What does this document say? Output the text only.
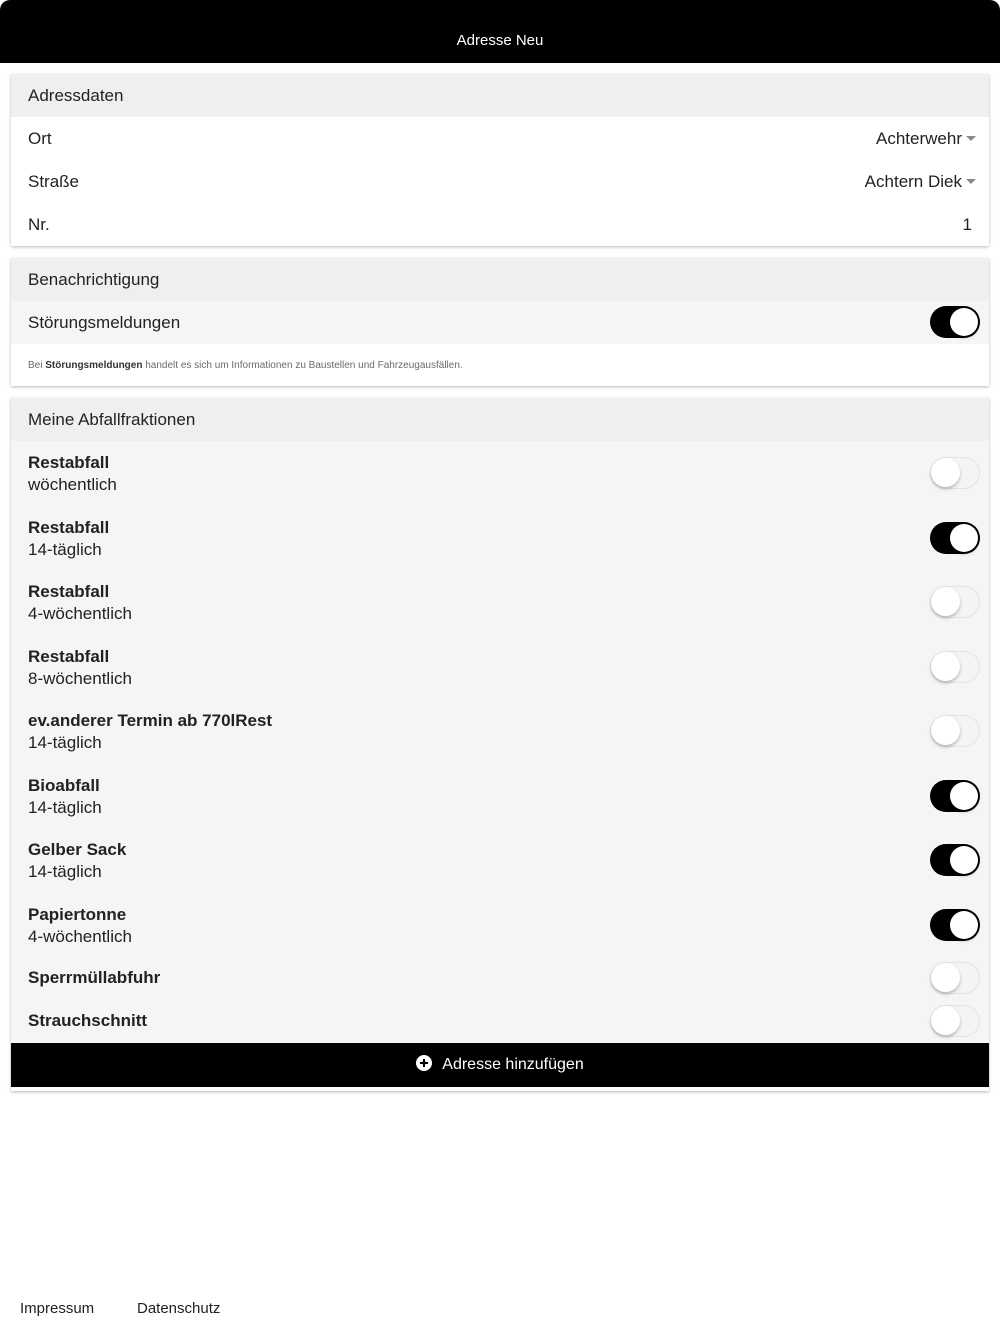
Adresse Neu
Adressdaten
Ort	Achterwehr
Straße	Achtern Diek
Nr.	1
Benachrichtigung
Störungsmeldungen
Bei Störungsmeldungen handelt es sich um Informationen zu Baustellen und Fahrzeugausfällen.
Meine Abfallfraktionen
Restabfall
wöchentlich
Restabfall
14-täglich
Restabfall
4-wöchentlich
Restabfall
8-wöchentlich
ev.anderer Termin ab 770lRest
14-täglich
Bioabfall
14-täglich
Gelber Sack
14-täglich
Papiertonne
4-wöchentlich
Sperrmüllabfuhr
Strauchschnitt
Adresse hinzufügen
Impressum	Datenschutz
